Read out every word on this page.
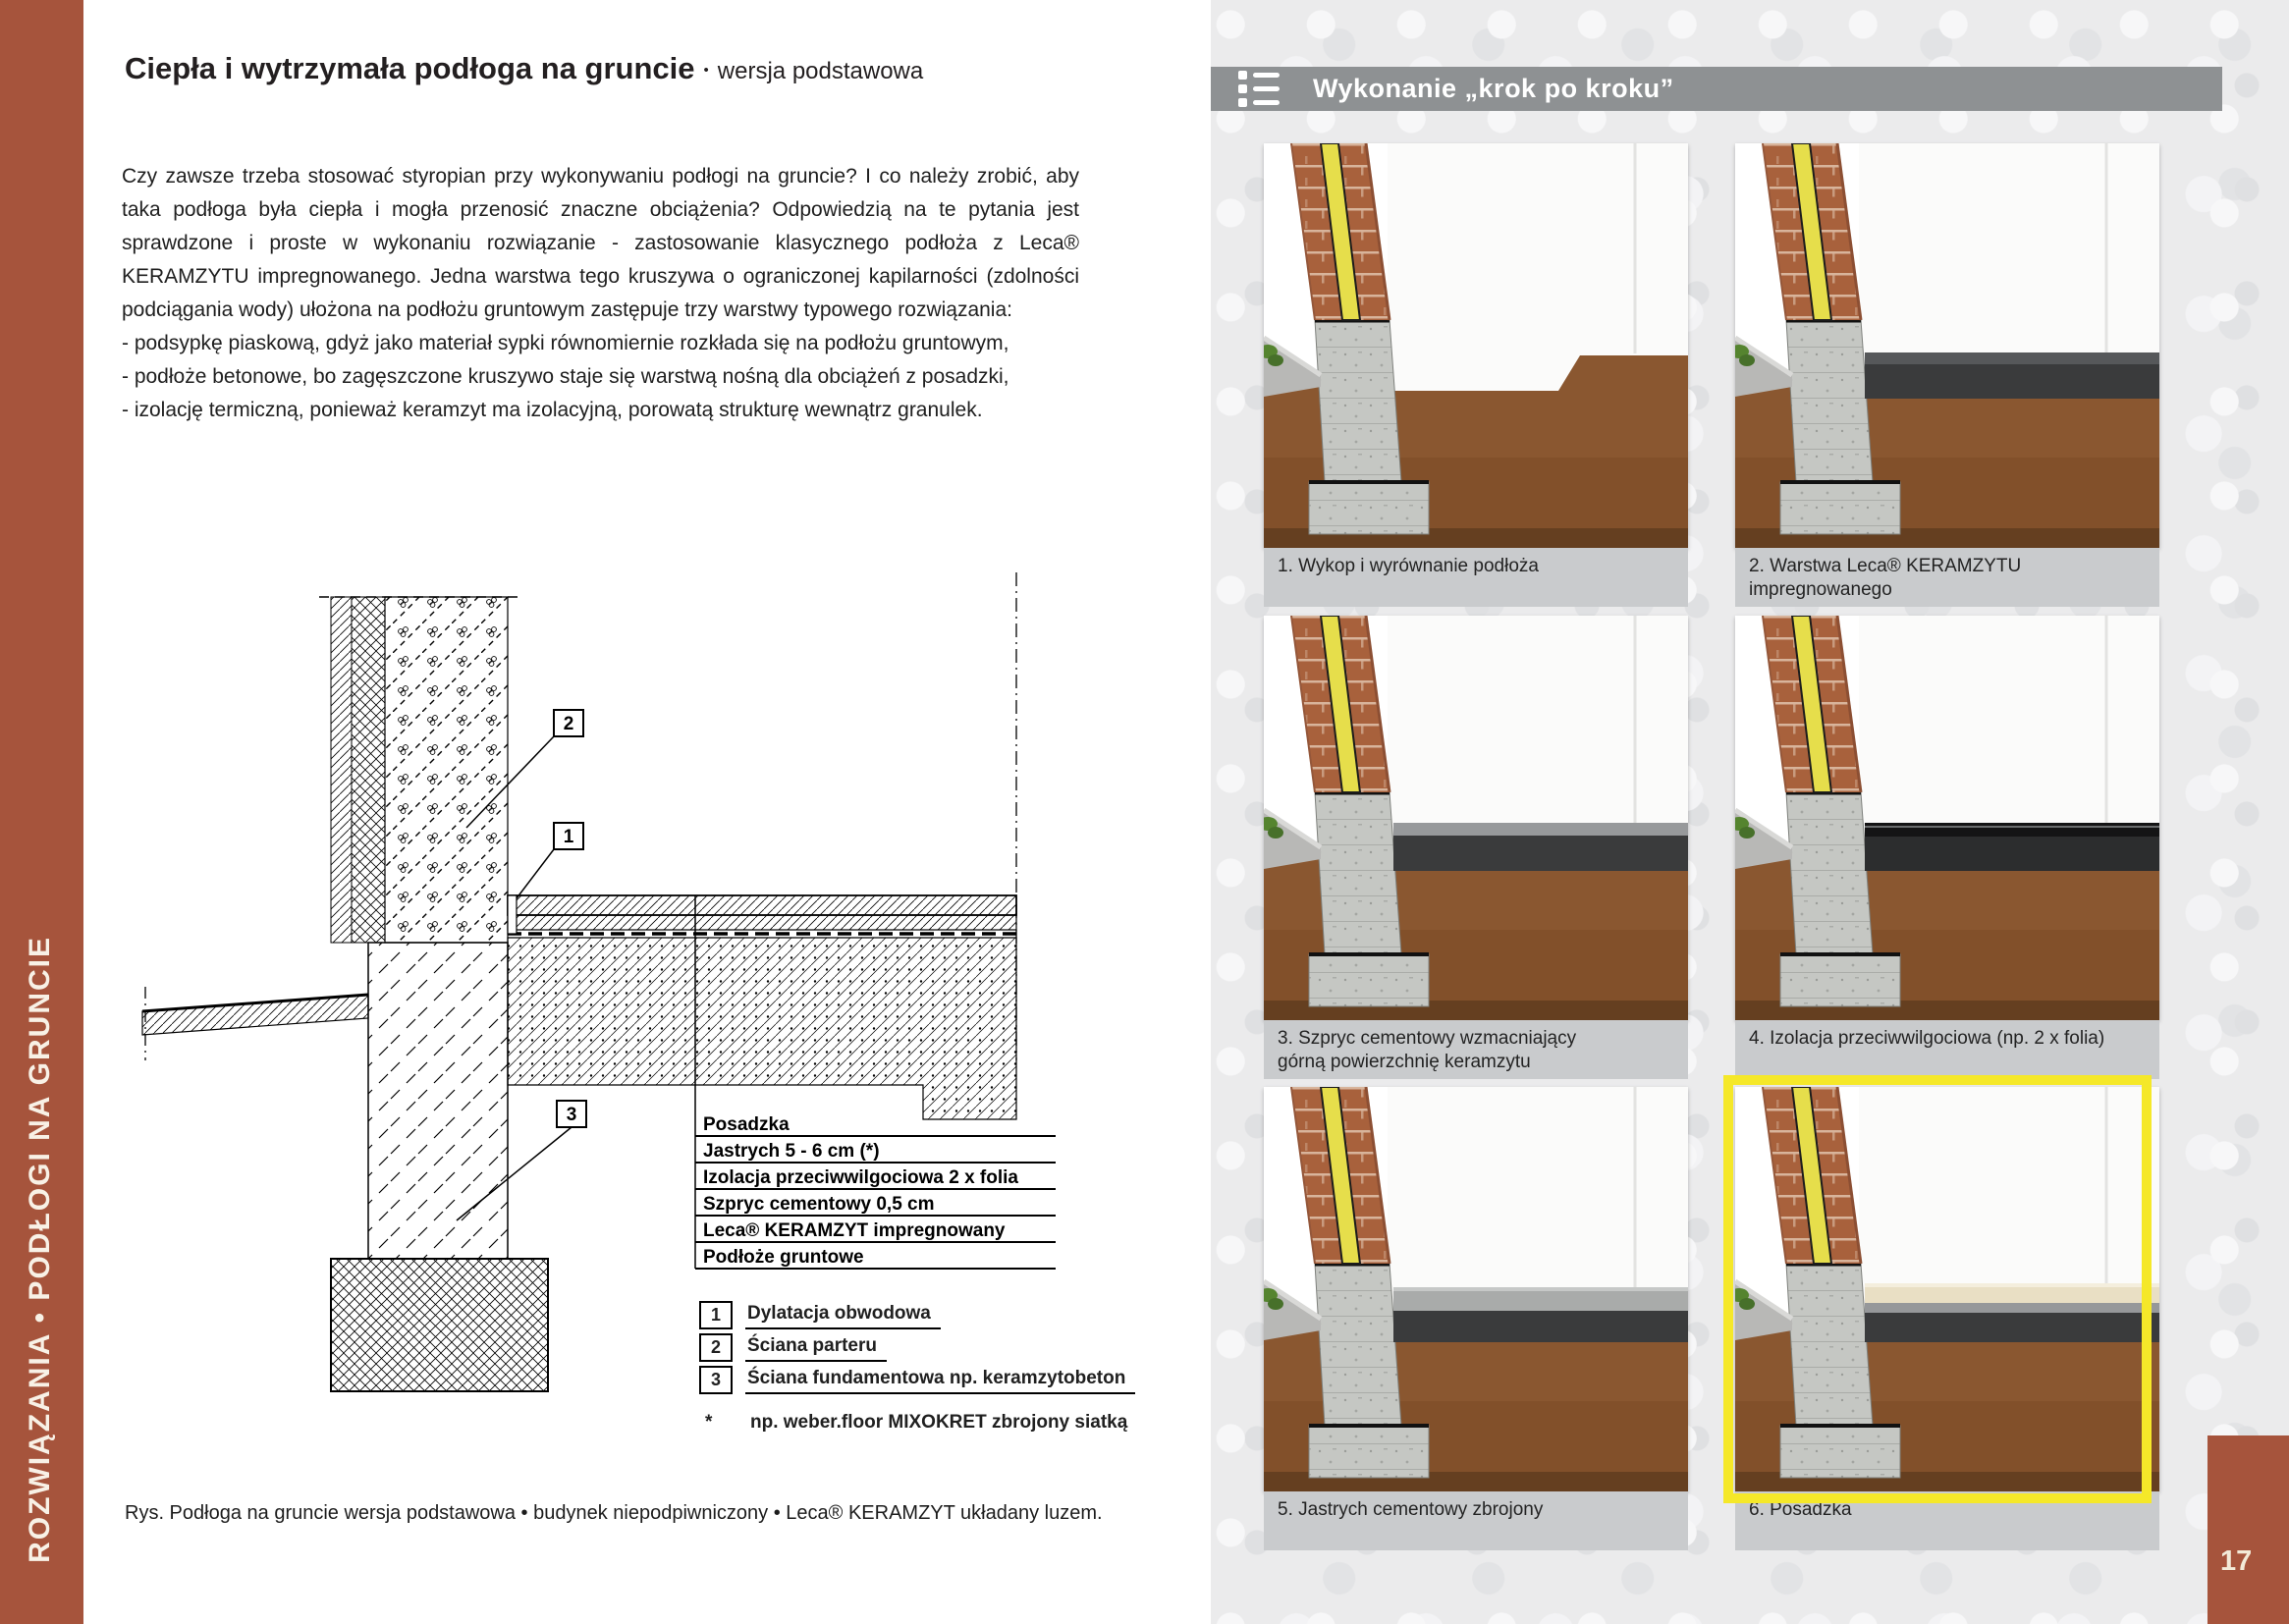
ROZWIĄZANIA • PODŁOGI NA GRUNCIE
Ciepła i wytrzymała podłoga na gruncie • wersja podstawowa

Czy zawsze trzeba stosować styropian przy wykonywaniu podłogi na gruncie? I co należy zrobić, aby taka podłoga była ciepła i mogła przenosić znaczne obciążenia? Odpowiedzią na te pytania jest sprawdzone i proste w wykonaniu rozwiązanie - zastosowanie klasycznego podłoża z Leca® KERAMZYTU impregnowanego. Jedna warstwa tego kruszywa o ograniczonej kapilarności (zdolności podciągania wody) ułożona na podłożu gruntowym zastępuje trzy warstwy typowego rozwiązania:

- podsypkę piaskową, gdyż jako materiał sypki równomiernie rozkłada się na podłożu gruntowym,

- podłoże betonowe, bo zagęszczone kruszywo staje się warstwą nośną dla obciążeń z posadzki,

- izolację termiczną, ponieważ keramzyt ma izolacyjną, porowatą strukturę wewnątrz granulek.

Posadzka
Jastrych 5 - 6 cm (*)
Izolacja przeciwwilgociowa 2 x folia
Szpryc cementowy 0,5 cm
Leca® KERAMZYT impregnowany
Podłoże gruntowe
2
1
3
1	Dylatacja obwodowa
2	Ściana parteru
3	Ściana fundamentowa np. keramzytobeton
*	np. weber.floor MIXOKRET zbrojony siatką
Rys. Podłoga na gruncie wersja podstawowa • budynek niepodpiwniczony • Leca® KERAMZYT układany luzem.
Wykonanie „krok po kroku”
1. Wykop i wyrównanie podłoża	2. Warstwa Leca® KERAMZYTU impregnowanego
3. Szpryc cementowy wzmacniający górną powierzchnię keramzytu
4. Izolacja przeciwwilgociowa (np. 2 x folia)
5. Jastrych cementowy zbrojony	6. Posadzka
17
